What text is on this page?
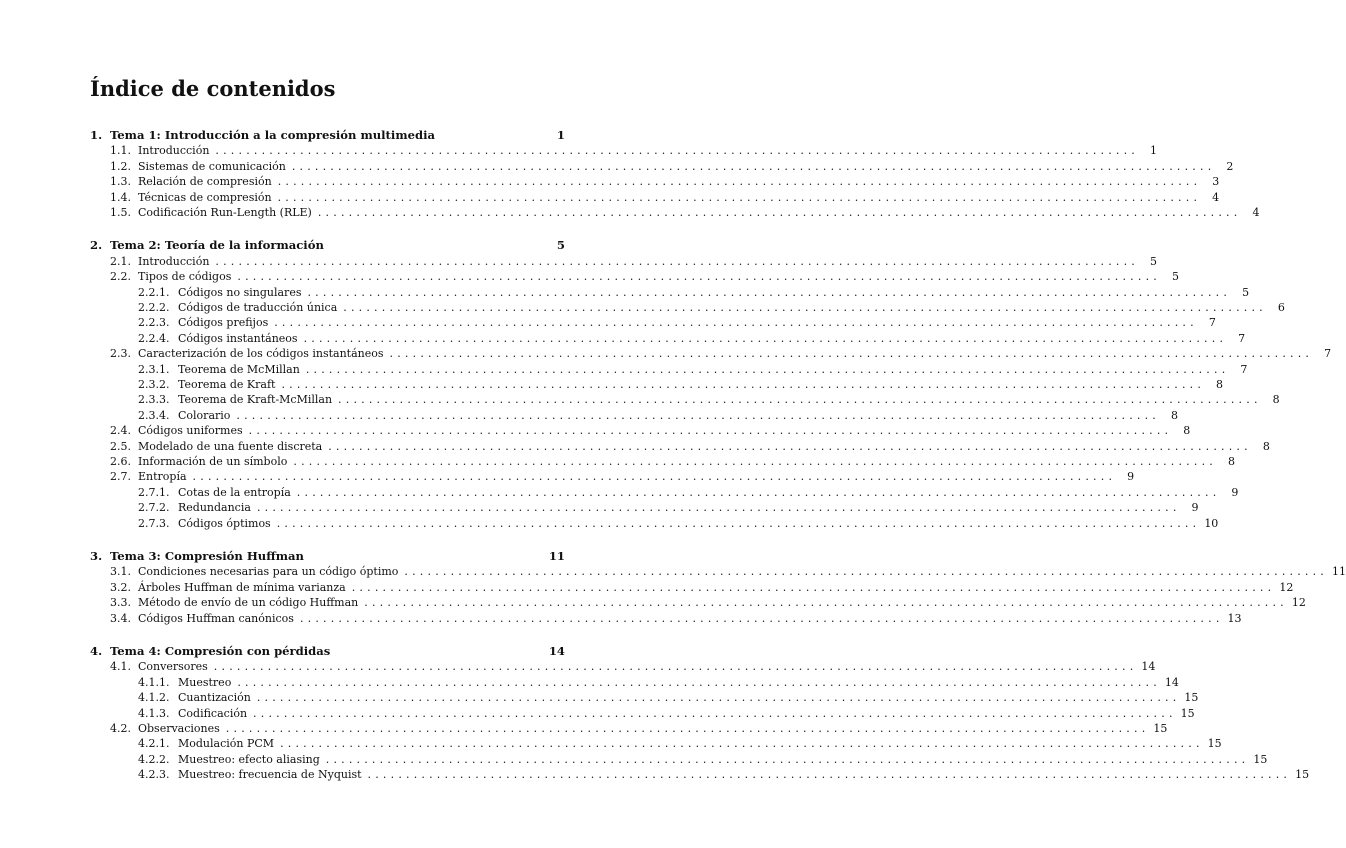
Índice de contenidos
1. Tema 1: Introducción a la compresión multimedia	1
1.1. Introducción ........................................................................................................................	1
1.2. Sistemas de comunicación ........................................................................................................................	2
1.3. Relación de compresión ........................................................................................................................	3
1.4. Técnicas de compresión ........................................................................................................................	4
1.5. Codificación Run-Length (RLE) ........................................................................................................................	4
2. Tema 2: Teoría de la información	5
2.1. Introducción ........................................................................................................................	5
2.2. Tipos de códigos ........................................................................................................................	5
2.2.1. Códigos no singulares ........................................................................................................................	5
2.2.2. Códigos de traducción única ........................................................................................................................	6
2.2.3. Códigos prefijos ........................................................................................................................	7
2.2.4. Códigos instantáneos ........................................................................................................................	7
2.3. Caracterización de los códigos instantáneos ........................................................................................................................	7
2.3.1. Teorema de McMillan ........................................................................................................................	7
2.3.2. Teorema de Kraft ........................................................................................................................	8
2.3.3. Teorema de Kraft-McMillan ........................................................................................................................	8
2.3.4. Colorario ........................................................................................................................	8
2.4. Códigos uniformes ........................................................................................................................	8
2.5. Modelado de una fuente discreta ........................................................................................................................	8
2.6. Información de un símbolo ........................................................................................................................	8
2.7. Entropía ........................................................................................................................	9
2.7.1. Cotas de la entropía ........................................................................................................................	9
2.7.2. Redundancia ........................................................................................................................	9
2.7.3. Códigos óptimos ........................................................................................................................ 10
3. Tema 3: Compresión Huffman	11
3.1. Condiciones necesarias para un código óptimo ........................................................................................................................ 11
3.2. Árboles Huffman de mínima varianza ........................................................................................................................ 12
3.3. Método de envío de un código Huffman ........................................................................................................................ 12
3.4. Códigos Huffman canónicos ........................................................................................................................ 13
4. Tema 4: Compresión con pérdidas	14
4.1. Conversores ........................................................................................................................ 14
4.1.1. Muestreo ........................................................................................................................ 14
4.1.2. Cuantización ........................................................................................................................ 15
4.1.3. Codificación ........................................................................................................................ 15
4.2. Observaciones ........................................................................................................................ 15
4.2.1. Modulación PCM ........................................................................................................................ 15
4.2.2. Muestreo: efecto aliasing ........................................................................................................................ 15
4.2.3. Muestreo: frecuencia de Nyquist ........................................................................................................................ 15
